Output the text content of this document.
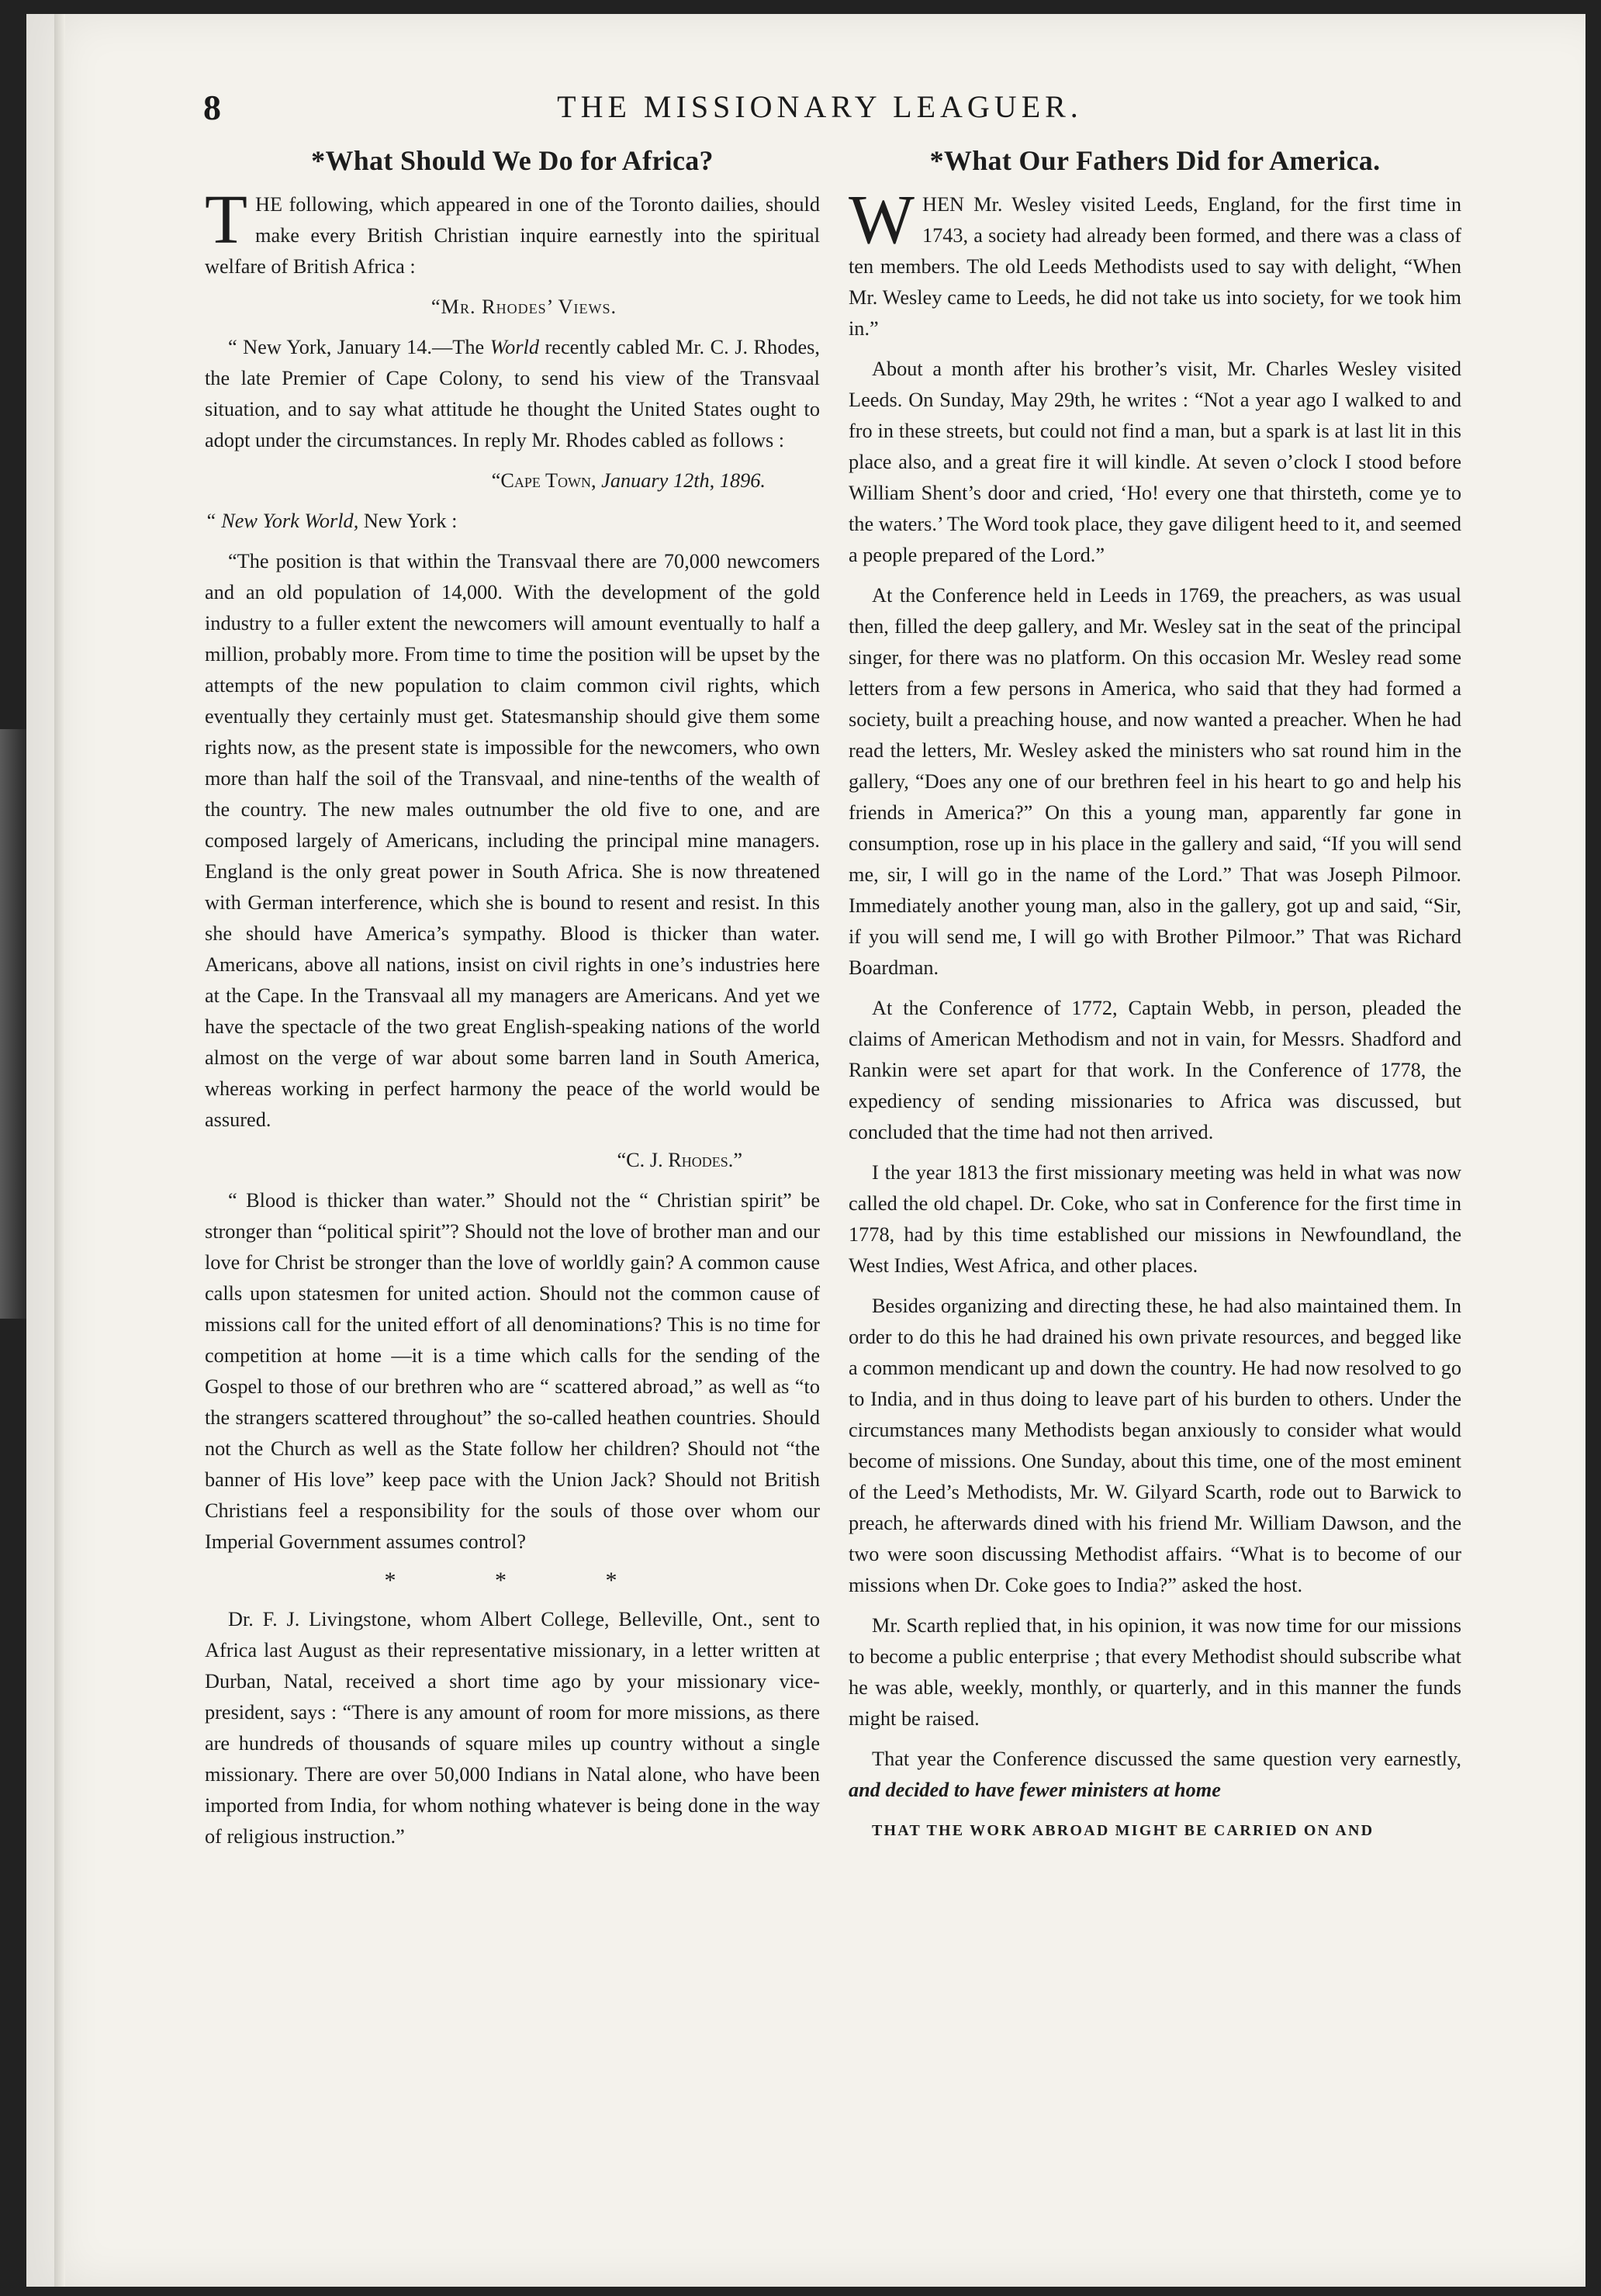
8	THE MISSIONARY LEAGUER.
*What Should We Do for Africa?

THE following, which appeared in one of the Toronto dailies, should make every British Christian inquire earnestly into the spiritual welfare of British Africa :

“Mr. Rhodes’ Views.

“ New York, January 14.—The World recently cabled Mr. C. J. Rhodes, the late Premier of Cape Colony, to send his view of the Transvaal situation, and to say what attitude he thought the United States ought to adopt under the circumstances. In reply Mr. Rhodes cabled as follows :

“Cape Town, January 12th, 1896.

“ New York World, New York :

“The position is that within the Transvaal there are 70,000 newcomers and an old population of 14,000. With the development of the gold industry to a fuller extent the newcomers will amount eventually to half a million, probably more. From time to time the position will be upset by the attempts of the new population to claim common civil rights, which eventually they certainly must get. Statesmanship should give them some rights now, as the present state is impossible for the newcomers, who own more than half the soil of the Transvaal, and nine-tenths of the wealth of the country. The new males outnumber the old five to one, and are composed largely of Americans, including the principal mine managers. England is the only great power in South Africa. She is now threatened with German interference, which she is bound to resent and resist. In this she should have America’s sympathy. Blood is thicker than water. Americans, above all nations, insist on civil rights in one’s industries here at the Cape. In the Transvaal all my managers are Americans. And yet we have the spectacle of the two great English-speaking nations of the world almost on the verge of war about some barren land in South America, whereas working in perfect harmony the peace of the world would be assured.

“C. J. Rhodes.”

“ Blood is thicker than water.” Should not the “ Christian spirit” be stronger than “political spirit”? Should not the love of brother man and our love for Christ be stronger than the love of worldly gain? A common cause calls upon statesmen for united action. Should not the common cause of missions call for the united effort of all denominations? This is no time for competition at home —it is a time which calls for the sending of the Gospel to those of our brethren who are “ scattered abroad,” as well as “to the strangers scattered throughout” the so-called heathen countries. Should not the Church as well as the State follow her children? Should not “the banner of His love” keep pace with the Union Jack? Should not British Christians feel a responsibility for the souls of those over whom our Imperial Government assumes control?

* * *

Dr. F. J. Livingstone, whom Albert College, Belleville, Ont., sent to Africa last August as their representative missionary, in a letter written at Durban, Natal, received a short time ago by your missionary vice-president, says : “There is any amount of room for more missions, as there are hundreds of thousands of square miles up country without a single missionary. There are over 50,000 Indians in Natal alone, who have been imported from India, for whom nothing whatever is being done in the way of religious instruction.”

*What Our Fathers Did for America.

WHEN Mr. Wesley visited Leeds, England, for the first time in 1743, a society had already been formed, and there was a class of ten members. The old Leeds Methodists used to say with delight, “When Mr. Wesley came to Leeds, he did not take us into society, for we took him in.”

About a month after his brother’s visit, Mr. Charles Wesley visited Leeds. On Sunday, May 29th, he writes : “Not a year ago I walked to and fro in these streets, but could not find a man, but a spark is at last lit in this place also, and a great fire it will kindle. At seven o’clock I stood before William Shent’s door and cried, ‘Ho! every one that thirsteth, come ye to the waters.’ The Word took place, they gave diligent heed to it, and seemed a people prepared of the Lord.”

At the Conference held in Leeds in 1769, the preachers, as was usual then, filled the deep gallery, and Mr. Wesley sat in the seat of the principal singer, for there was no platform. On this occasion Mr. Wesley read some letters from a few persons in America, who said that they had formed a society, built a preaching house, and now wanted a preacher. When he had read the letters, Mr. Wesley asked the ministers who sat round him in the gallery, “Does any one of our brethren feel in his heart to go and help his friends in America?” On this a young man, apparently far gone in consumption, rose up in his place in the gallery and said, “If you will send me, sir, I will go in the name of the Lord.” That was Joseph Pilmoor. Immediately another young man, also in the gallery, got up and said, “Sir, if you will send me, I will go with Brother Pilmoor.” That was Richard Boardman.

At the Conference of 1772, Captain Webb, in person, pleaded the claims of American Methodism and not in vain, for Messrs. Shadford and Rankin were set apart for that work. In the Conference of 1778, the expediency of sending missionaries to Africa was discussed, but concluded that the time had not then arrived.

I the year 1813 the first missionary meeting was held in what was now called the old chapel. Dr. Coke, who sat in Conference for the first time in 1778, had by this time established our missions in Newfoundland, the West Indies, West Africa, and other places.

Besides organizing and directing these, he had also maintained them. In order to do this he had drained his own private resources, and begged like a common mendicant up and down the country. He had now resolved to go to India, and in thus doing to leave part of his burden to others. Under the circumstances many Methodists began anxiously to consider what would become of missions. One Sunday, about this time, one of the most eminent of the Leed’s Methodists, Mr. W. Gilyard Scarth, rode out to Barwick to preach, he afterwards dined with his friend Mr. William Dawson, and the two were soon discussing Methodist affairs. “What is to become of our missions when Dr. Coke goes to India?” asked the host.

Mr. Scarth replied that, in his opinion, it was now time for our missions to become a public enterprise ; that every Methodist should subscribe what he was able, weekly, monthly, or quarterly, and in this manner the funds might be raised.

That year the Conference discussed the same question very earnestly, and decided to have fewer ministers at home

THAT THE WORK ABROAD MIGHT BE CARRIED ON AND
